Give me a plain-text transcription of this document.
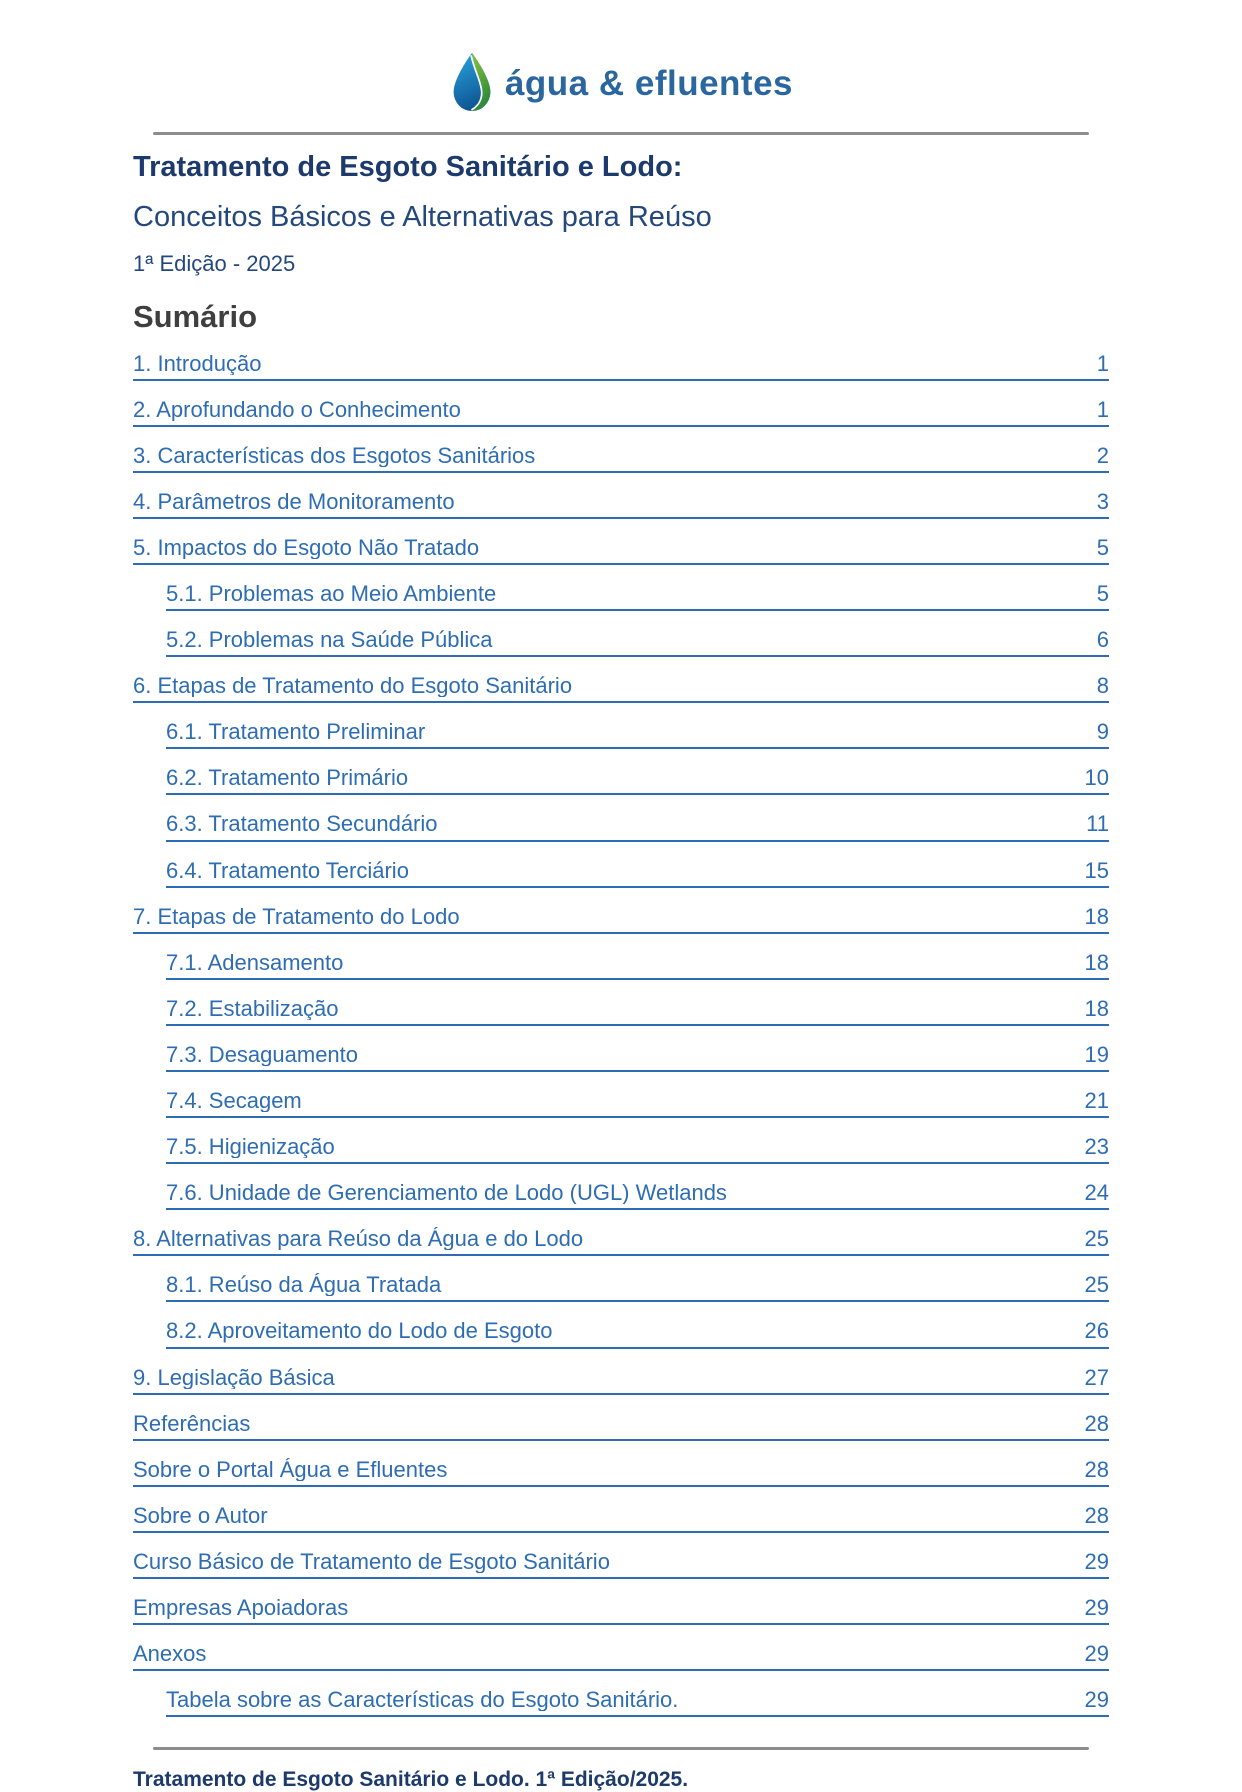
água & efluentes
Tratamento de Esgoto Sanitário e Lodo:
Conceitos Básicos e Alternativas para Reúso

1ª Edição - 2025

Sumário
1. Introdução	1
2. Aprofundando o Conhecimento	1
3. Características dos Esgotos Sanitários	2
4. Parâmetros de Monitoramento	3
5. Impactos do Esgoto Não Tratado	5
5.1. Problemas ao Meio Ambiente	5
5.2. Problemas na Saúde Pública	6
6. Etapas de Tratamento do Esgoto Sanitário	8
6.1. Tratamento Preliminar	9
6.2. Tratamento Primário	10
6.3. Tratamento Secundário	11
6.4. Tratamento Terciário	15
7. Etapas de Tratamento do Lodo	18
7.1. Adensamento	18
7.2. Estabilização	18
7.3. Desaguamento	19
7.4. Secagem	21
7.5. Higienização	23
7.6. Unidade de Gerenciamento de Lodo (UGL) Wetlands	24
8. Alternativas para Reúso da Água e do Lodo	25
8.1. Reúso da Água Tratada	25
8.2. Aproveitamento do Lodo de Esgoto	26
9. Legislação Básica	27
Referências	28
Sobre o Portal Água e Efluentes	28
Sobre o Autor	28
Curso Básico de Tratamento de Esgoto Sanitário	29
Empresas Apoiadoras	29
Anexos	29
Tabela sobre as Características do Esgoto Sanitário.	29

Tratamento de Esgoto Sanitário e Lodo. 1ª Edição/2025.
